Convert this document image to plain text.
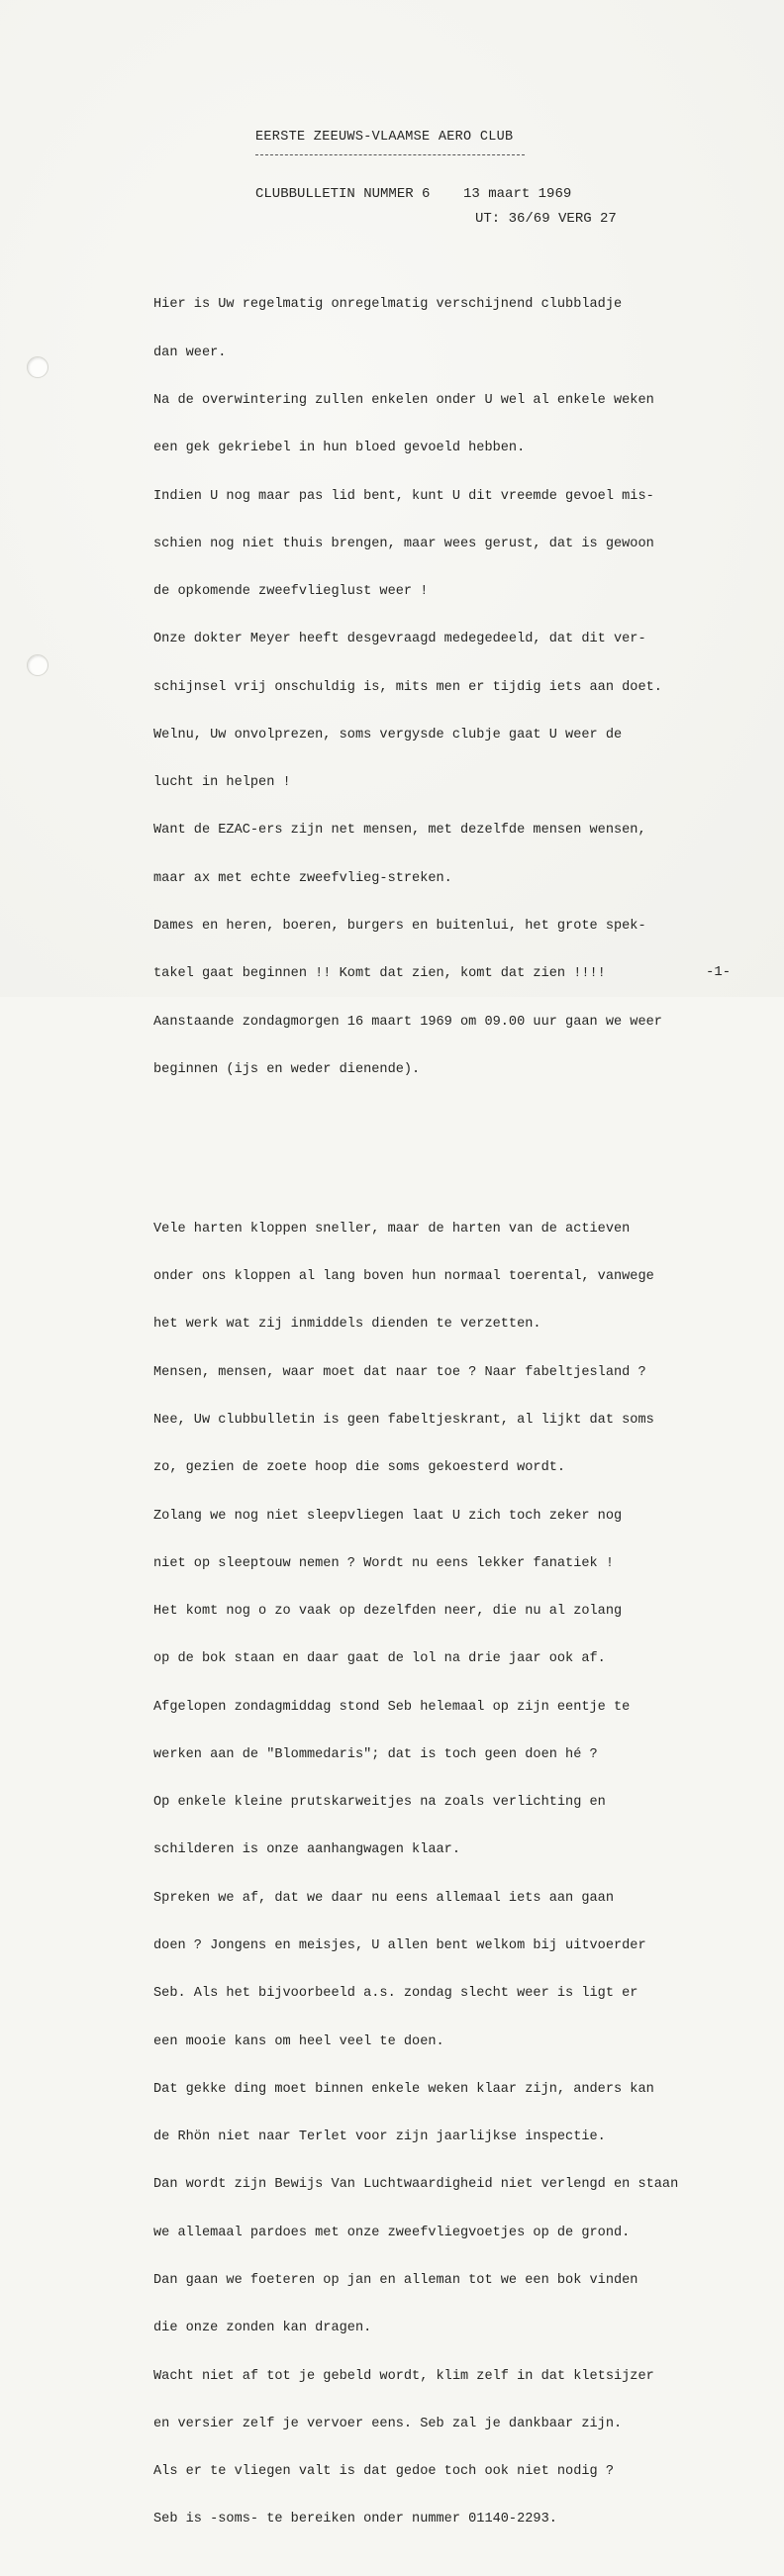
EERSTE ZEEUWS-VLAAMSE AERO CLUB
CLUBBULLETIN NUMMER 6    13 maart 1969
UT: 36/69 VERG 27

Hier is Uw regelmatig onregelmatig verschijnend clubbladje

dan weer.

Na de overwintering zullen enkelen onder U wel al enkele weken

een gek gekriebel in hun bloed gevoeld hebben.

Indien U nog maar pas lid bent, kunt U dit vreemde gevoel mis-

schien nog niet thuis brengen, maar wees gerust, dat is gewoon

de opkomende zweefvlieglust weer !

Onze dokter Meyer heeft desgevraagd medegedeeld, dat dit ver-

schijnsel vrij onschuldig is, mits men er tijdig iets aan doet.

Welnu, Uw onvolprezen, soms vergysde clubje gaat U weer de

lucht in helpen !

Want de EZAC-ers zijn net mensen, met dezelfde mensen wensen,

maar ax met echte zweefvlieg-streken.

Dames en heren, boeren, burgers en buitenlui, het grote spek-

takel gaat beginnen !! Komt dat zien, komt dat zien !!!!

Aanstaande zondagmorgen 16 maart 1969 om 09.00 uur gaan we weer

beginnen (ijs en weder dienende).

Vele harten kloppen sneller, maar de harten van de actieven

onder ons kloppen al lang boven hun normaal toerental, vanwege

het werk wat zij inmiddels dienden te verzetten.

Mensen, mensen, waar moet dat naar toe ? Naar fabeltjesland ?

Nee, Uw clubbulletin is geen fabeltjeskrant, al lijkt dat soms

zo, gezien de zoete hoop die soms gekoesterd wordt.

Zolang we nog niet sleepvliegen laat U zich toch zeker nog

niet op sleeptouw nemen ? Wordt nu eens lekker fanatiek !

Het komt nog o zo vaak op dezelfden neer, die nu al zolang

op de bok staan en daar gaat de lol na drie jaar ook af.

Afgelopen zondagmiddag stond Seb helemaal op zijn eentje te

werken aan de "Blommedaris"; dat is toch geen doen hé ?

Op enkele kleine prutskarweitjes na zoals verlichting en

schilderen is onze aanhangwagen klaar.

Spreken we af, dat we daar nu eens allemaal iets aan gaan

doen ? Jongens en meisjes, U allen bent welkom bij uitvoerder

Seb. Als het bijvoorbeeld a.s. zondag slecht weer is ligt er

een mooie kans om heel veel te doen.

Dat gekke ding moet binnen enkele weken klaar zijn, anders kan

de Rhön niet naar Terlet voor zijn jaarlijkse inspectie.

Dan wordt zijn Bewijs Van Luchtwaardigheid niet verlengd en staan

we allemaal pardoes met onze zweefvliegvoetjes op de grond.

Dan gaan we foeteren op jan en alleman tot we een bok vinden

die onze zonden kan dragen.

Wacht niet af tot je gebeld wordt, klim zelf in dat kletsijzer

en versier zelf je vervoer eens. Seb zal je dankbaar zijn.

Als er te vliegen valt is dat gedoe toch ook niet nodig ?

Seb is -soms- te bereiken onder nummer 01140-2293.

-1-
